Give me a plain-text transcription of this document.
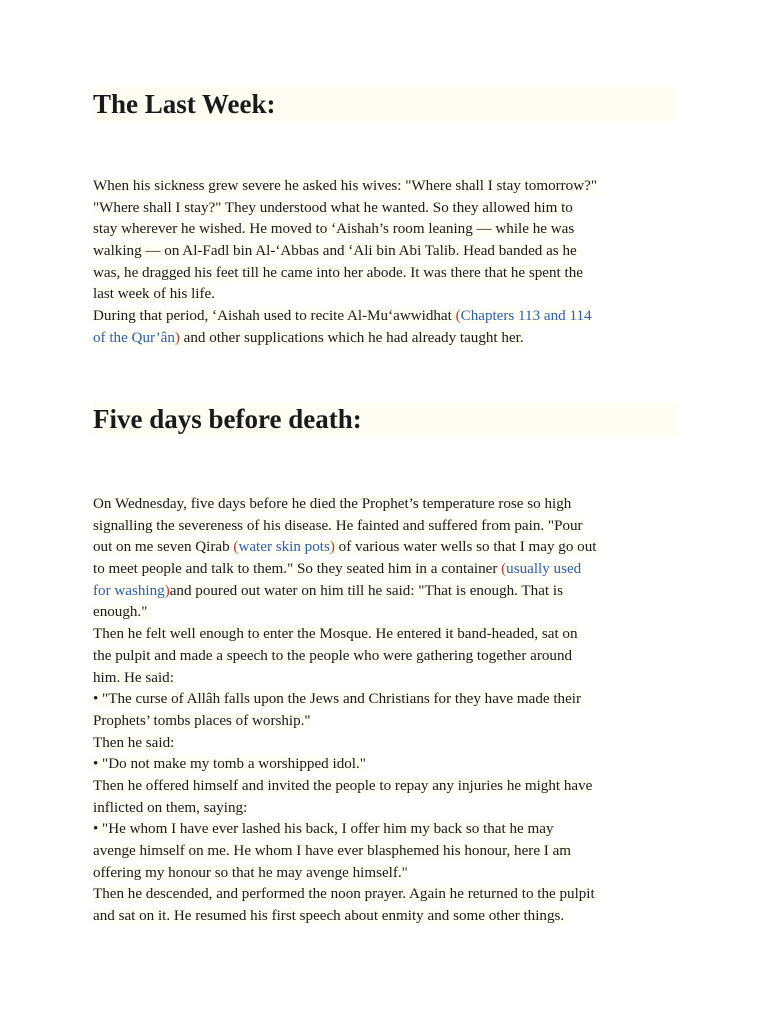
The Last Week:
When his sickness grew severe he asked his wives: "Where shall I stay tomorrow?"
"Where shall I stay?" They understood what he wanted. So they allowed him to
stay wherever he wished. He moved to ‘Aishah’s room leaning — while he was
walking — on Al-Fadl bin Al-‘Abbas and ‘Ali bin Abi Talib. Head banded as he
was, he dragged his feet till he came into her abode. It was there that he spent the
last week of his life.
During that period, ‘Aishah used to recite Al-Mu‘awwidhat (Chapters 113 and 114
of the Qur’ân) and other supplications which he had already taught her.
Five days before death:
On Wednesday, five days before he died the Prophet’s temperature rose so high
signalling the severeness of his disease. He fainted and suffered from pain. "Pour
out on me seven Qirab (water skin pots) of various water wells so that I may go out
to meet people and talk to them." So they seated him in a container (usually used
for washing)and poured out water on him till he said: "That is enough. That is
enough."
Then he felt well enough to enter the Mosque. He entered it band-headed, sat on
the pulpit and made a speech to the people who were gathering together around
him. He said:
• "The curse of Allâh falls upon the Jews and Christians for they have made their
Prophets’ tombs places of worship."
Then he said:
• "Do not make my tomb a worshipped idol."
Then he offered himself and invited the people to repay any injuries he might have
inflicted on them, saying:
• "He whom I have ever lashed his back, I offer him my back so that he may
avenge himself on me. He whom I have ever blasphemed his honour, here I am
offering my honour so that he may avenge himself."
Then he descended, and performed the noon prayer. Again he returned to the pulpit
and sat on it. He resumed his first speech about enmity and some other things.
